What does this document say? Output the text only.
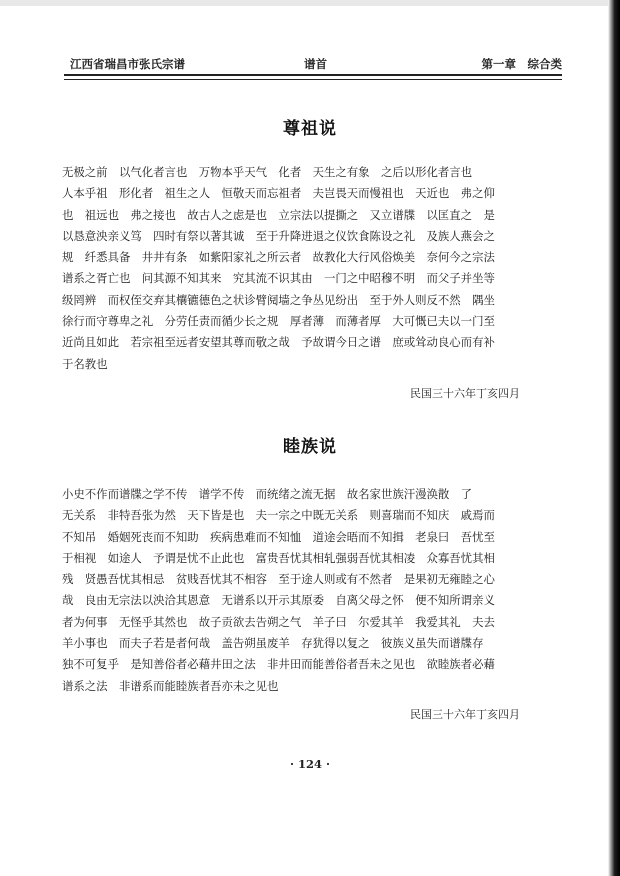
江西省瑞昌市张氏宗谱	谱首	第一章　综合类
尊祖说
无极之前　以气化者言也　万物本乎天气　化者　天生之有象　之后以形化者言也
人本乎祖　形化者　祖生之人　恒敬天而忘祖者　夫岂畏天而慢祖也　天近也　弗之仰
也　祖远也　弗之接也　故古人之虑是也　立宗法以提撕之　又立谱牒　以匡直之　是
以恳意泱亲义笃　四时有祭以著其诚　至于升降进退之仪饮食陈设之礼　及族人燕会之
规　纤悉具备　井井有条　如紫阳家礼之所云者　故教化大行风俗焕美　奈何今之宗法
谱系之胥亡也　问其源不知其来　究其流不识其由　一门之中昭穆不明　而父子并坐等
级罔辨　而权侄交弃其欀镳德色之状诊臂阋墙之争丛见纷出　至于外人则反不然　隅坐
徐行而守尊卑之礼　分劳任责而循少长之规　厚者薄　而薄者厚　大可慨已夫以一门至
近尚且如此　若宗祖至远者安望其尊而敬之哉　予故谓今日之谱　庶或耸动良心而有补
于名教也
民国三十六年丁亥四月
睦族说
小史不作而谱牒之学不传　谱学不传　而统绪之流无据　故名家世族汗漫涣散　了
无关系　非特吾张为然　天下皆是也　夫一宗之中既无关系　则喜瑞而不知庆　戚焉而
不知吊　婚姻死丧而不知助　疾病患难而不知恤　道途会晤而不知揖　老泉曰　吾忧至
于相视　如途人　予谓是忧不止此也　富贵吾忧其相轧强弱吾忧其相凌　众寡吾忧其相
残　贤愚吾忧其相忌　贫贱吾忧其不相容　至于途人则或有不然者　是果初无雍睦之心
哉　良由无宗法以泱洽其恩意　无谱系以开示其原委　自离父母之怀　便不知所谓亲义
者为何事　无怪乎其然也　故子贡欲去告朔之气　羊子曰　尔爱其羊　我爱其礼　夫去
羊小事也　而夫子若是者何哉　盖告朔虽废羊　存犹得以复之　彼族义虽失而谱牒存
独不可复乎　是知善俗者必藉井田之法　非井田而能善俗者吾未之见也　欲睦族者必藉
谱系之法　非谱系而能睦族者吾亦未之见也
民国三十六年丁亥四月
· 124 ·
